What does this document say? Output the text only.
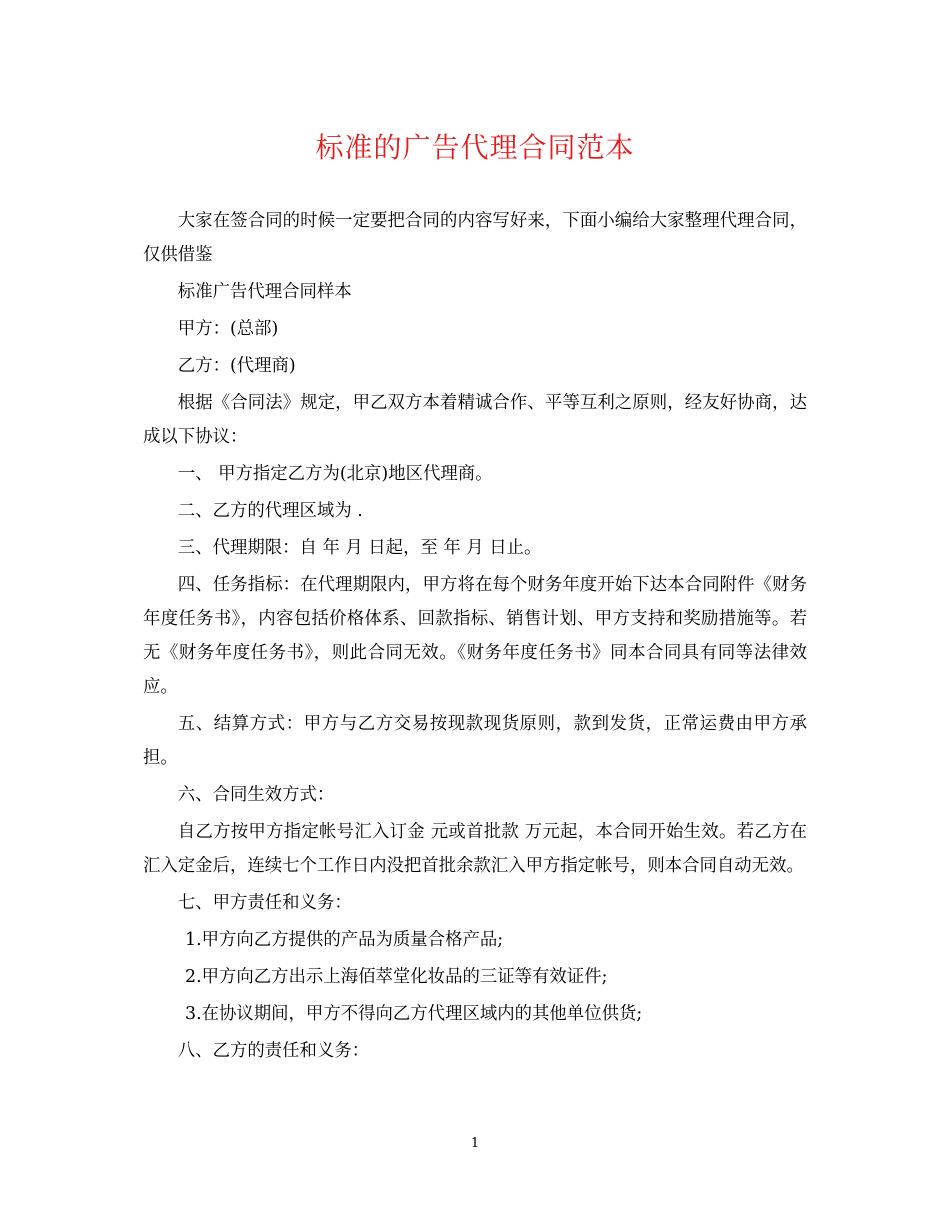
标准的广告代理合同范本

大家在签合同的时候一定要把合同的内容写好来，下面小编给大家整理代理合同，仅供借鉴

标准广告代理合同样本

甲方：(总部)

乙方：(代理商)

根据《合同法》规定，甲乙双方本着精诚合作、平等互利之原则，经友好协商，达成以下协议：

一、 甲方指定乙方为(北京)地区代理商。

二、乙方的代理区域为 .

三、代理期限：自 年 月 日起，至 年 月 日止。

四、任务指标：在代理期限内，甲方将在每个财务年度开始下达本合同附件《财务年度任务书》，内容包括价格体系、回款指标、销售计划、甲方支持和奖励措施等。若无《财务年度任务书》，则此合同无效。《财务年度任务书》同本合同具有同等法律效应。

五、结算方式：甲方与乙方交易按现款现货原则，款到发货，正常运费由甲方承担。

六、合同生效方式：

自乙方按甲方指定帐号汇入订金 元或首批款 万元起，本合同开始生效。若乙方在汇入定金后，连续七个工作日内没把首批余款汇入甲方指定帐号，则本合同自动无效。

七、甲方责任和义务：

1.甲方向乙方提供的产品为质量合格产品;

2.甲方向乙方出示上海佰萃堂化妆品的三证等有效证件;

3.在协议期间，甲方不得向乙方代理区域内的其他单位供货;

八、乙方的责任和义务：

1
